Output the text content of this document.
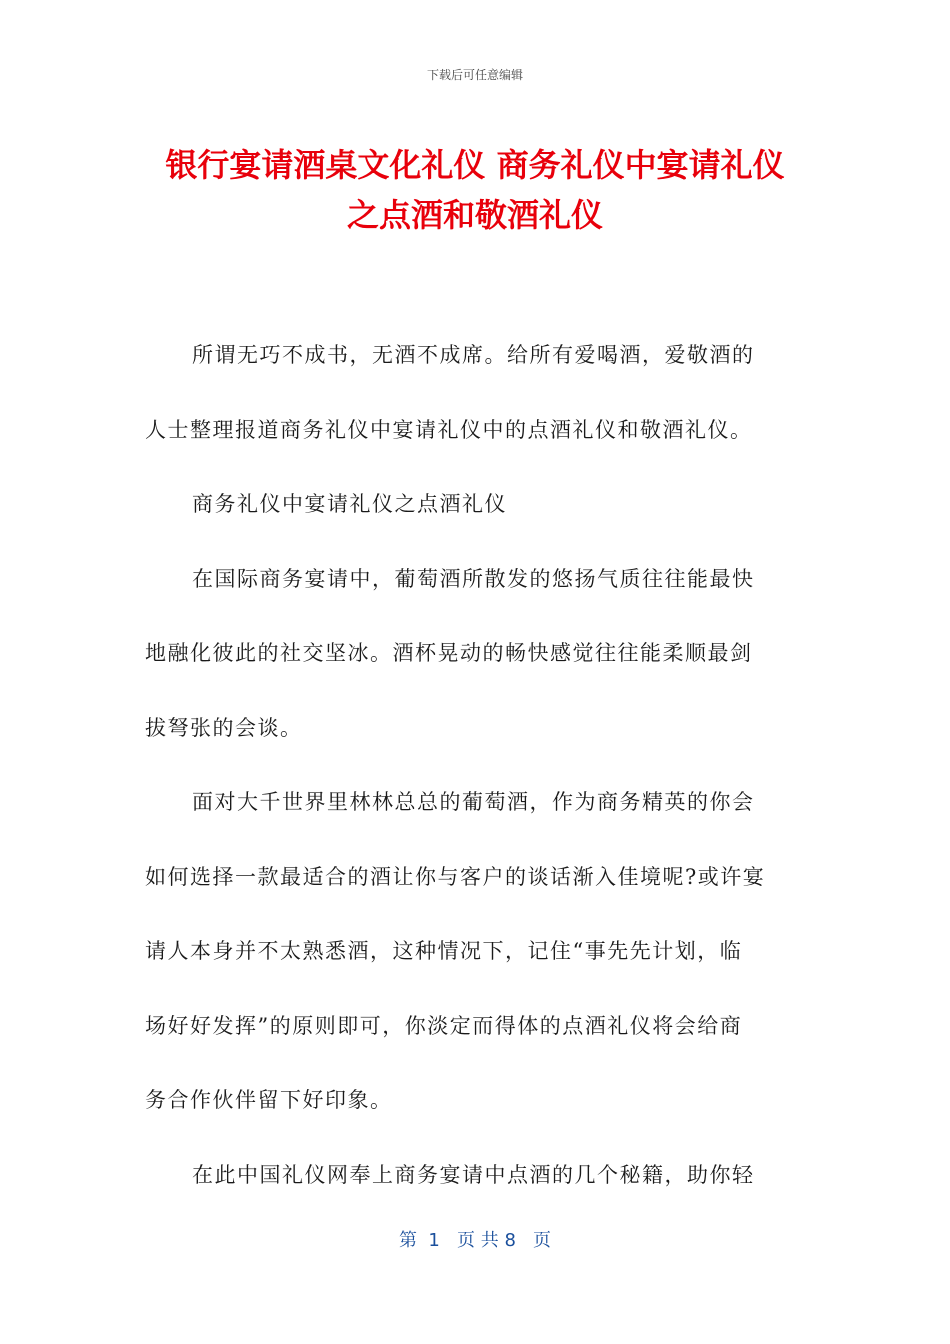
下载后可任意编辑
银行宴请酒桌文化礼仪 商务礼仪中宴请礼仪
之点酒和敬酒礼仪
所谓无巧不成书，无酒不成席。给所有爱喝酒，爱敬酒的
人士整理报道商务礼仪中宴请礼仪中的点酒礼仪和敬酒礼仪。
商务礼仪中宴请礼仪之点酒礼仪
在国际商务宴请中，葡萄酒所散发的悠扬气质往往能最快
地融化彼此的社交坚冰。酒杯晃动的畅快感觉往往能柔顺最剑
拔弩张的会谈。
面对大千世界里林林总总的葡萄酒，作为商务精英的你会
如何选择一款最适合的酒让你与客户的谈话渐入佳境呢?或许宴
请人本身并不太熟悉酒，这种情况下，记住“事先先计划，临
场好好发挥”的原则即可，你淡定而得体的点酒礼仪将会给商
务合作伙伴留下好印象。
在此中国礼仪网奉上商务宴请中点酒的几个秘籍，助你轻
第  1   页 共 8   页
